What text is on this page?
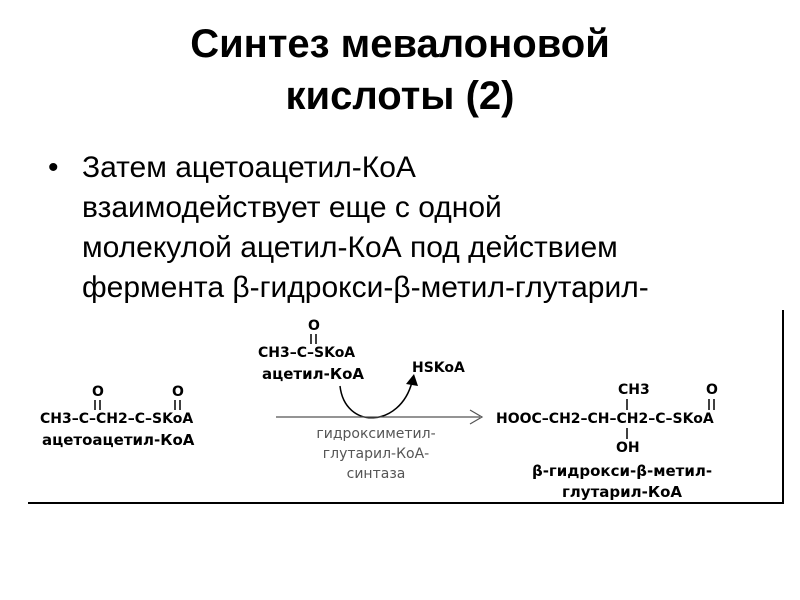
Синтез мевалоновой
кислоты (2)
• Затем ацетоацетил-КоА
взаимодействует еще с одной
молекулой ацетил-КоА под действием
фермента β-гидрокси-β-метил-глутарил-
O	O
CH3–C–CH2–C–SKoA
ацетоацетил-КоА
O
CH3–C–SKoA
ацетил-КоА	HSKoA
гидроксиметил-
глутарил-КоА-
синтаза
CH3	O
HOOC–CH2–CH–CH2–C–SKoA
OH
β-гидрокси-β-метил-
глутарил-КоА
